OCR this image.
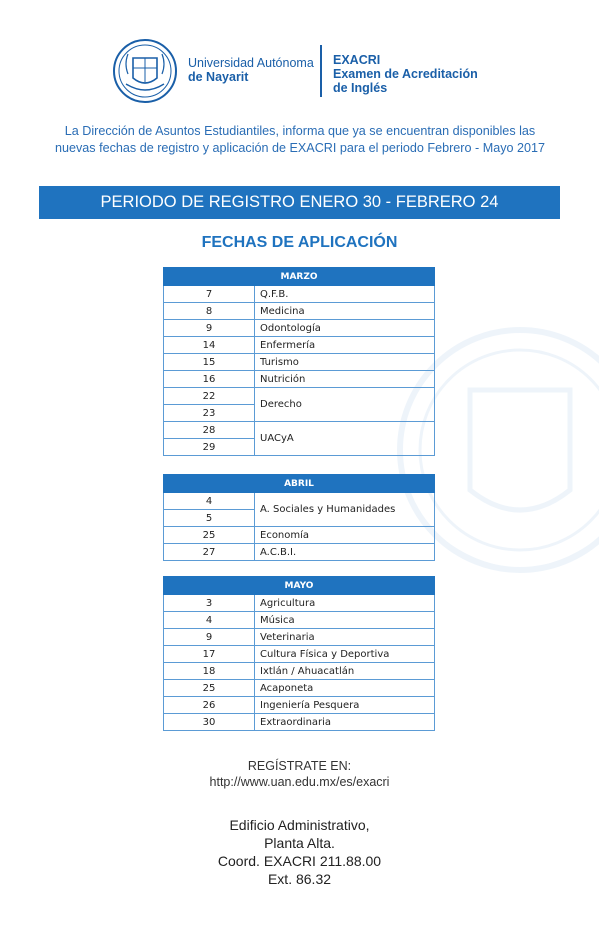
Universidad Autónoma
de Nayarit
EXACRI
Examen de Acreditación
de Inglés
La Dirección de Asuntos Estudiantiles, informa que ya se encuentran disponibles las
nuevas fechas de registro y aplicación de EXACRI para el periodo Febrero - Mayo 2017
PERIODO DE REGISTRO ENERO 30 - FEBRERO 24
FECHAS DE APLICACIÓN
MARZO	
7	Q.F.B.
8	Medicina
9	Odontología
14	Enfermería
15	Turismo
16	Nutrición
22	Derecho
23	
28	UACyA
29	
ABRIL	
4	A. Sociales y Humanidades
5	
25	Economía
27	A.C.B.I.
MAYO	
3	Agricultura
4	Música
9	Veterinaria
17	Cultura Física y Deportiva
18	Ixtlán / Ahuacatlán
25	Acaponeta
26	Ingeniería Pesquera
30	Extraordinaria
REGÍSTRATE EN:
http://www.uan.edu.mx/es/exacri
Edificio Administrativo,
Planta Alta.
Coord. EXACRI 211.88.00
Ext. 86.32
